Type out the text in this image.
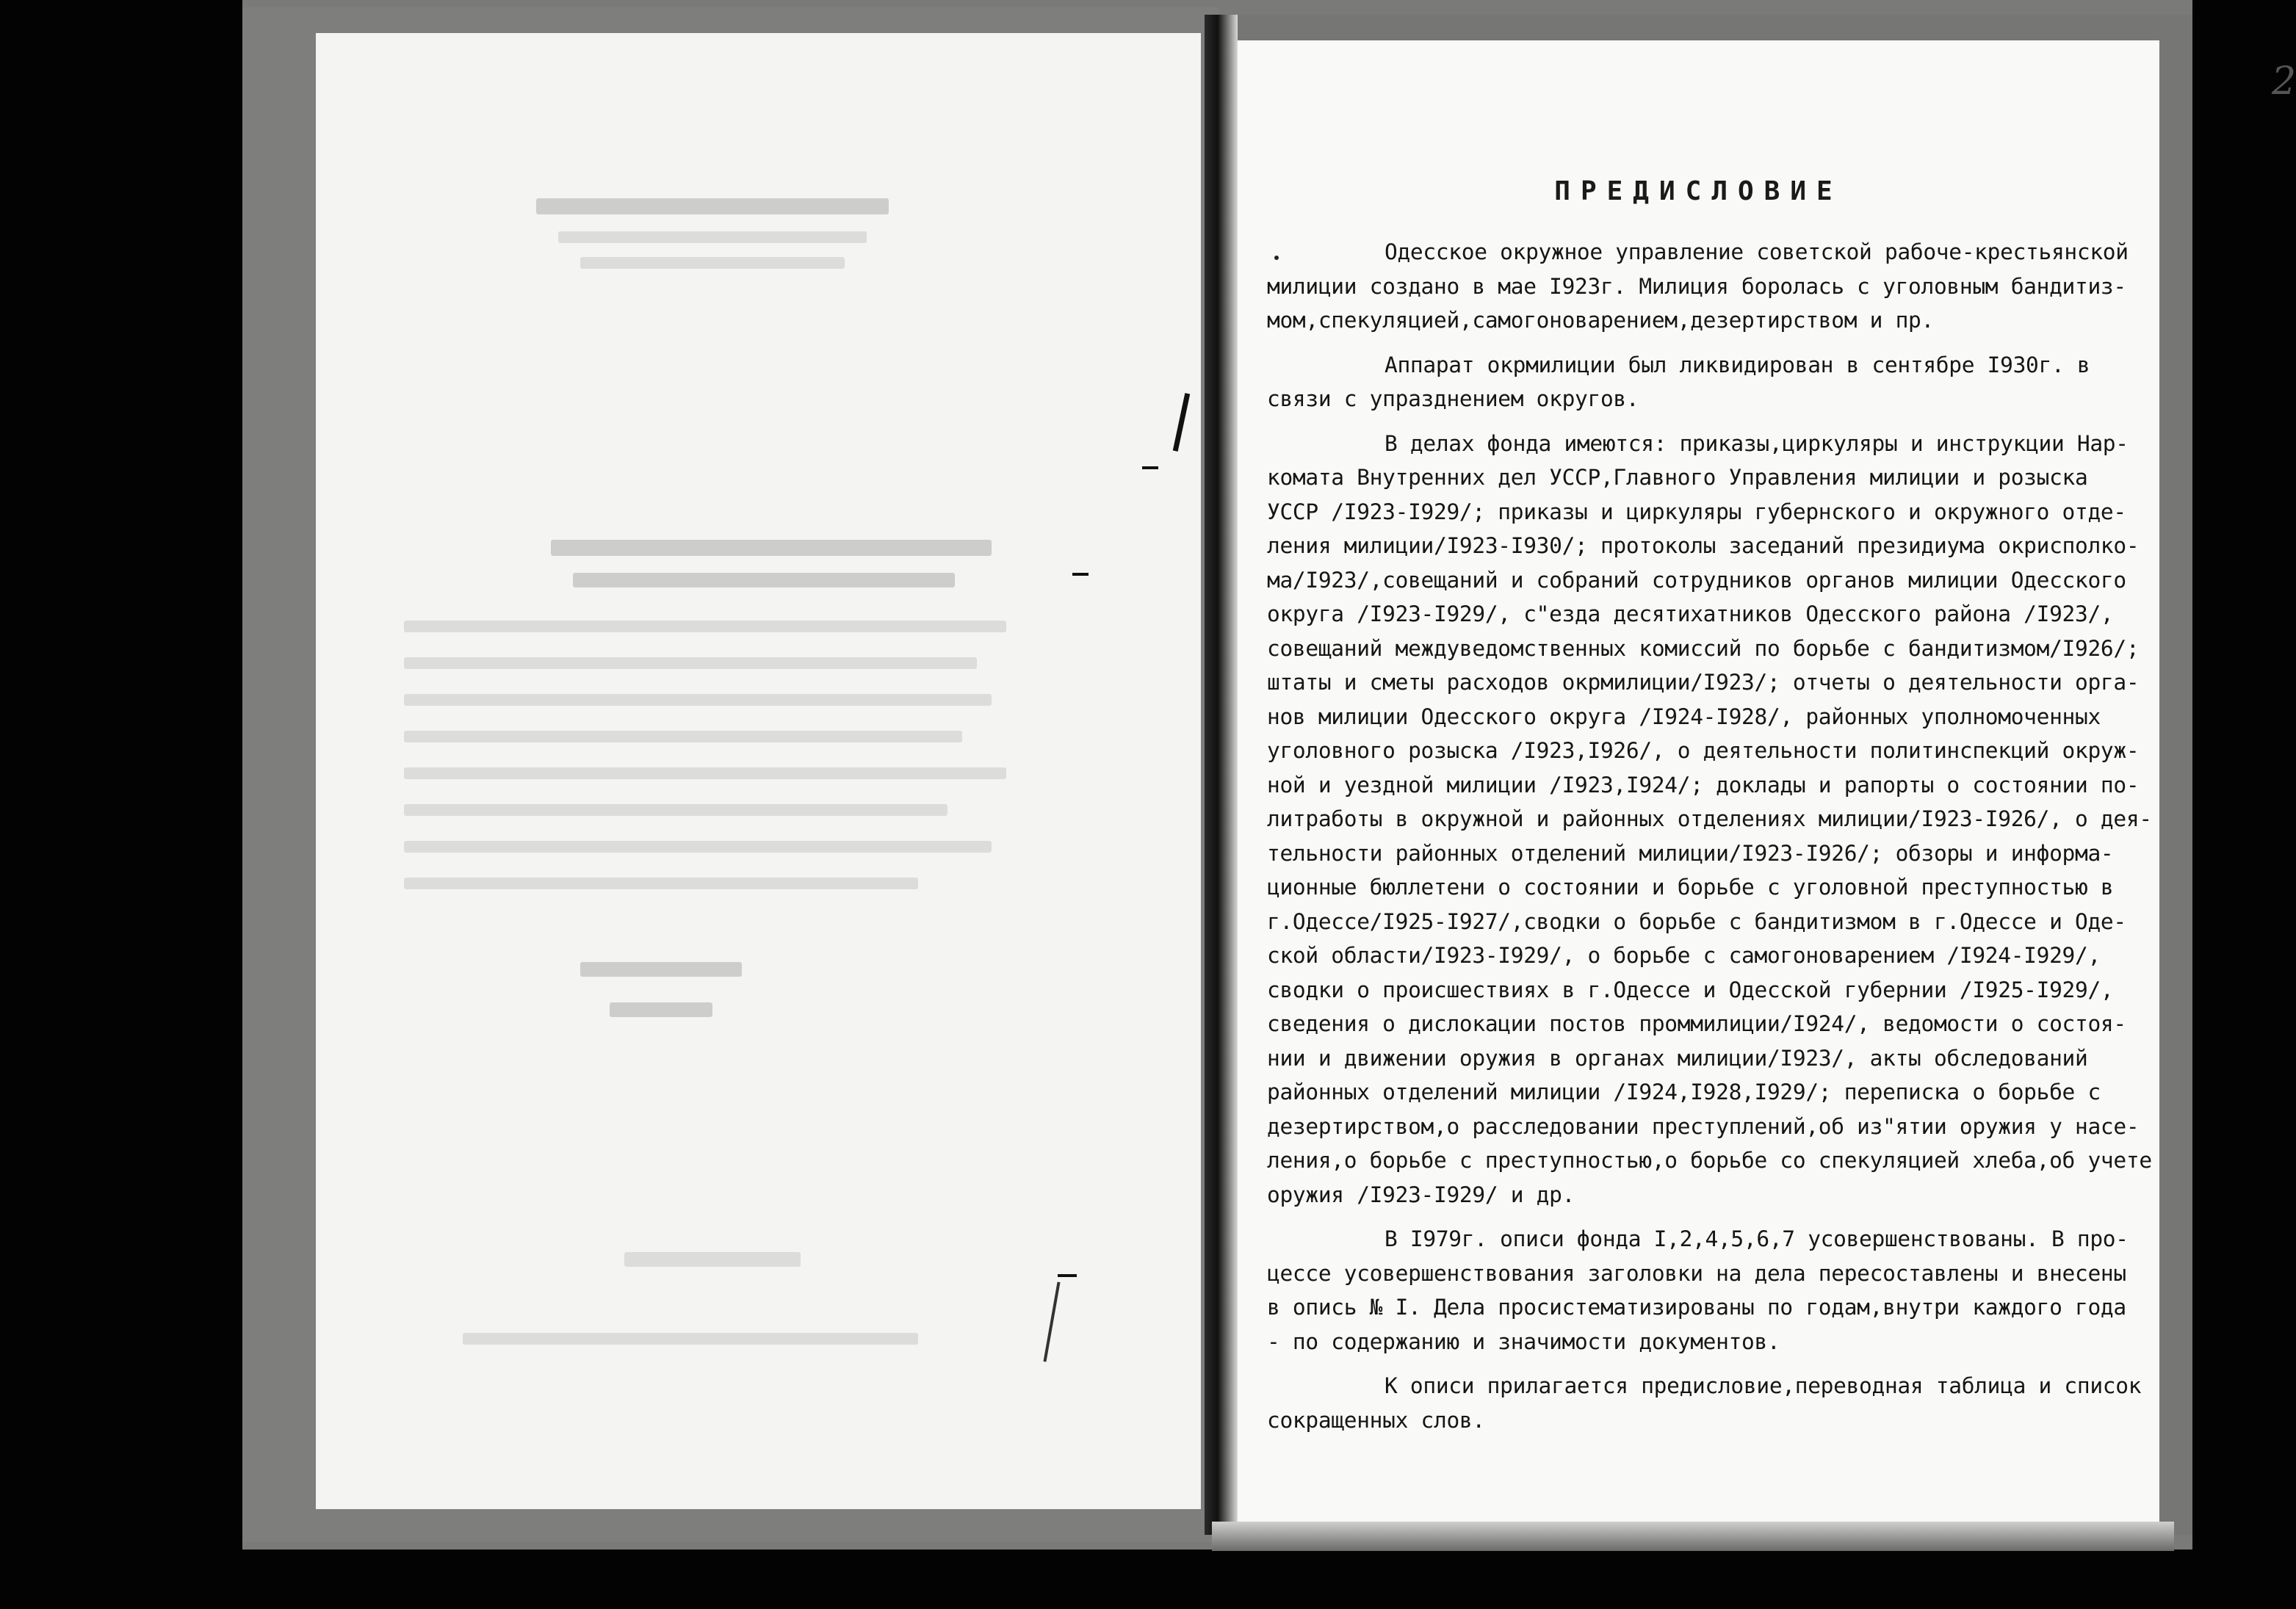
2

ПРЕДИСЛОВИЕ

Одесское окружное управление советской рабоче-крестьянской
милиции создано в мае I923г. Милиция боролась с уголовным бандитиз-
мом,спекуляцией,самогоноварением,дезертирством и пр.

Аппарат окрмилиции был ликвидирован в сентябре I930г. в
связи с упразднением округов.

В делах фонда имеются: приказы,циркуляры и инструкции Нар-
комата Внутренних дел УССР,Главного Управления милиции и розыска
УССР /I923-I929/; приказы и циркуляры губернского и окружного отде-
ления милиции/I923-I930/; протоколы заседаний президиума окрисполко-
ма/I923/,совещаний и собраний сотрудников органов милиции Одесского
округа /I923-I929/, с"езда десятихатников Одесского района /I923/,
совещаний междуведомственных комиссий по борьбе с бандитизмом/I926/;
штаты и сметы расходов окрмилиции/I923/; отчеты о деятельности орга-
нов милиции Одесского округа /I924-I928/, районных уполномоченных
уголовного розыска /I923,I926/, о деятельности политинспекций окруж-
ной и уездной милиции /I923,I924/; доклады и рапорты о состоянии по-
литработы в окружной и районных отделениях милиции/I923-I926/, о дея-
тельности районных отделений милиции/I923-I926/; обзоры и информа-
ционные бюллетени о состоянии и борьбе с уголовной преступностью в
г.Одессе/I925-I927/,сводки о борьбе с бандитизмом в г.Одессе и Оде-
ской области/I923-I929/, о борьбе с самогоноварением /I924-I929/,
сводки о происшествиях в г.Одессе и Одесской губернии /I925-I929/,
сведения о дислокации постов проммилиции/I924/, ведомости о состоя-
нии и движении оружия в органах милиции/I923/, акты обследований
районных отделений милиции /I924,I928,I929/; переписка о борьбе с
дезертирством,о расследовании преступлений,об из"ятии оружия у насе-
ления,о борьбе с преступностью,о борьбе со спекуляцией хлеба,об учете
оружия /I923-I929/ и др.

В I979г. описи фонда I,2,4,5,6,7 усовершенствованы. В про-
цессе усовершенствования заголовки на дела пересоставлены и внесены
в опись № I. Дела просистематизированы по годам,внутри каждого года
- по содержанию и значимости документов.

К описи прилагается предисловие,переводная таблица и список
сокращенных слов.
